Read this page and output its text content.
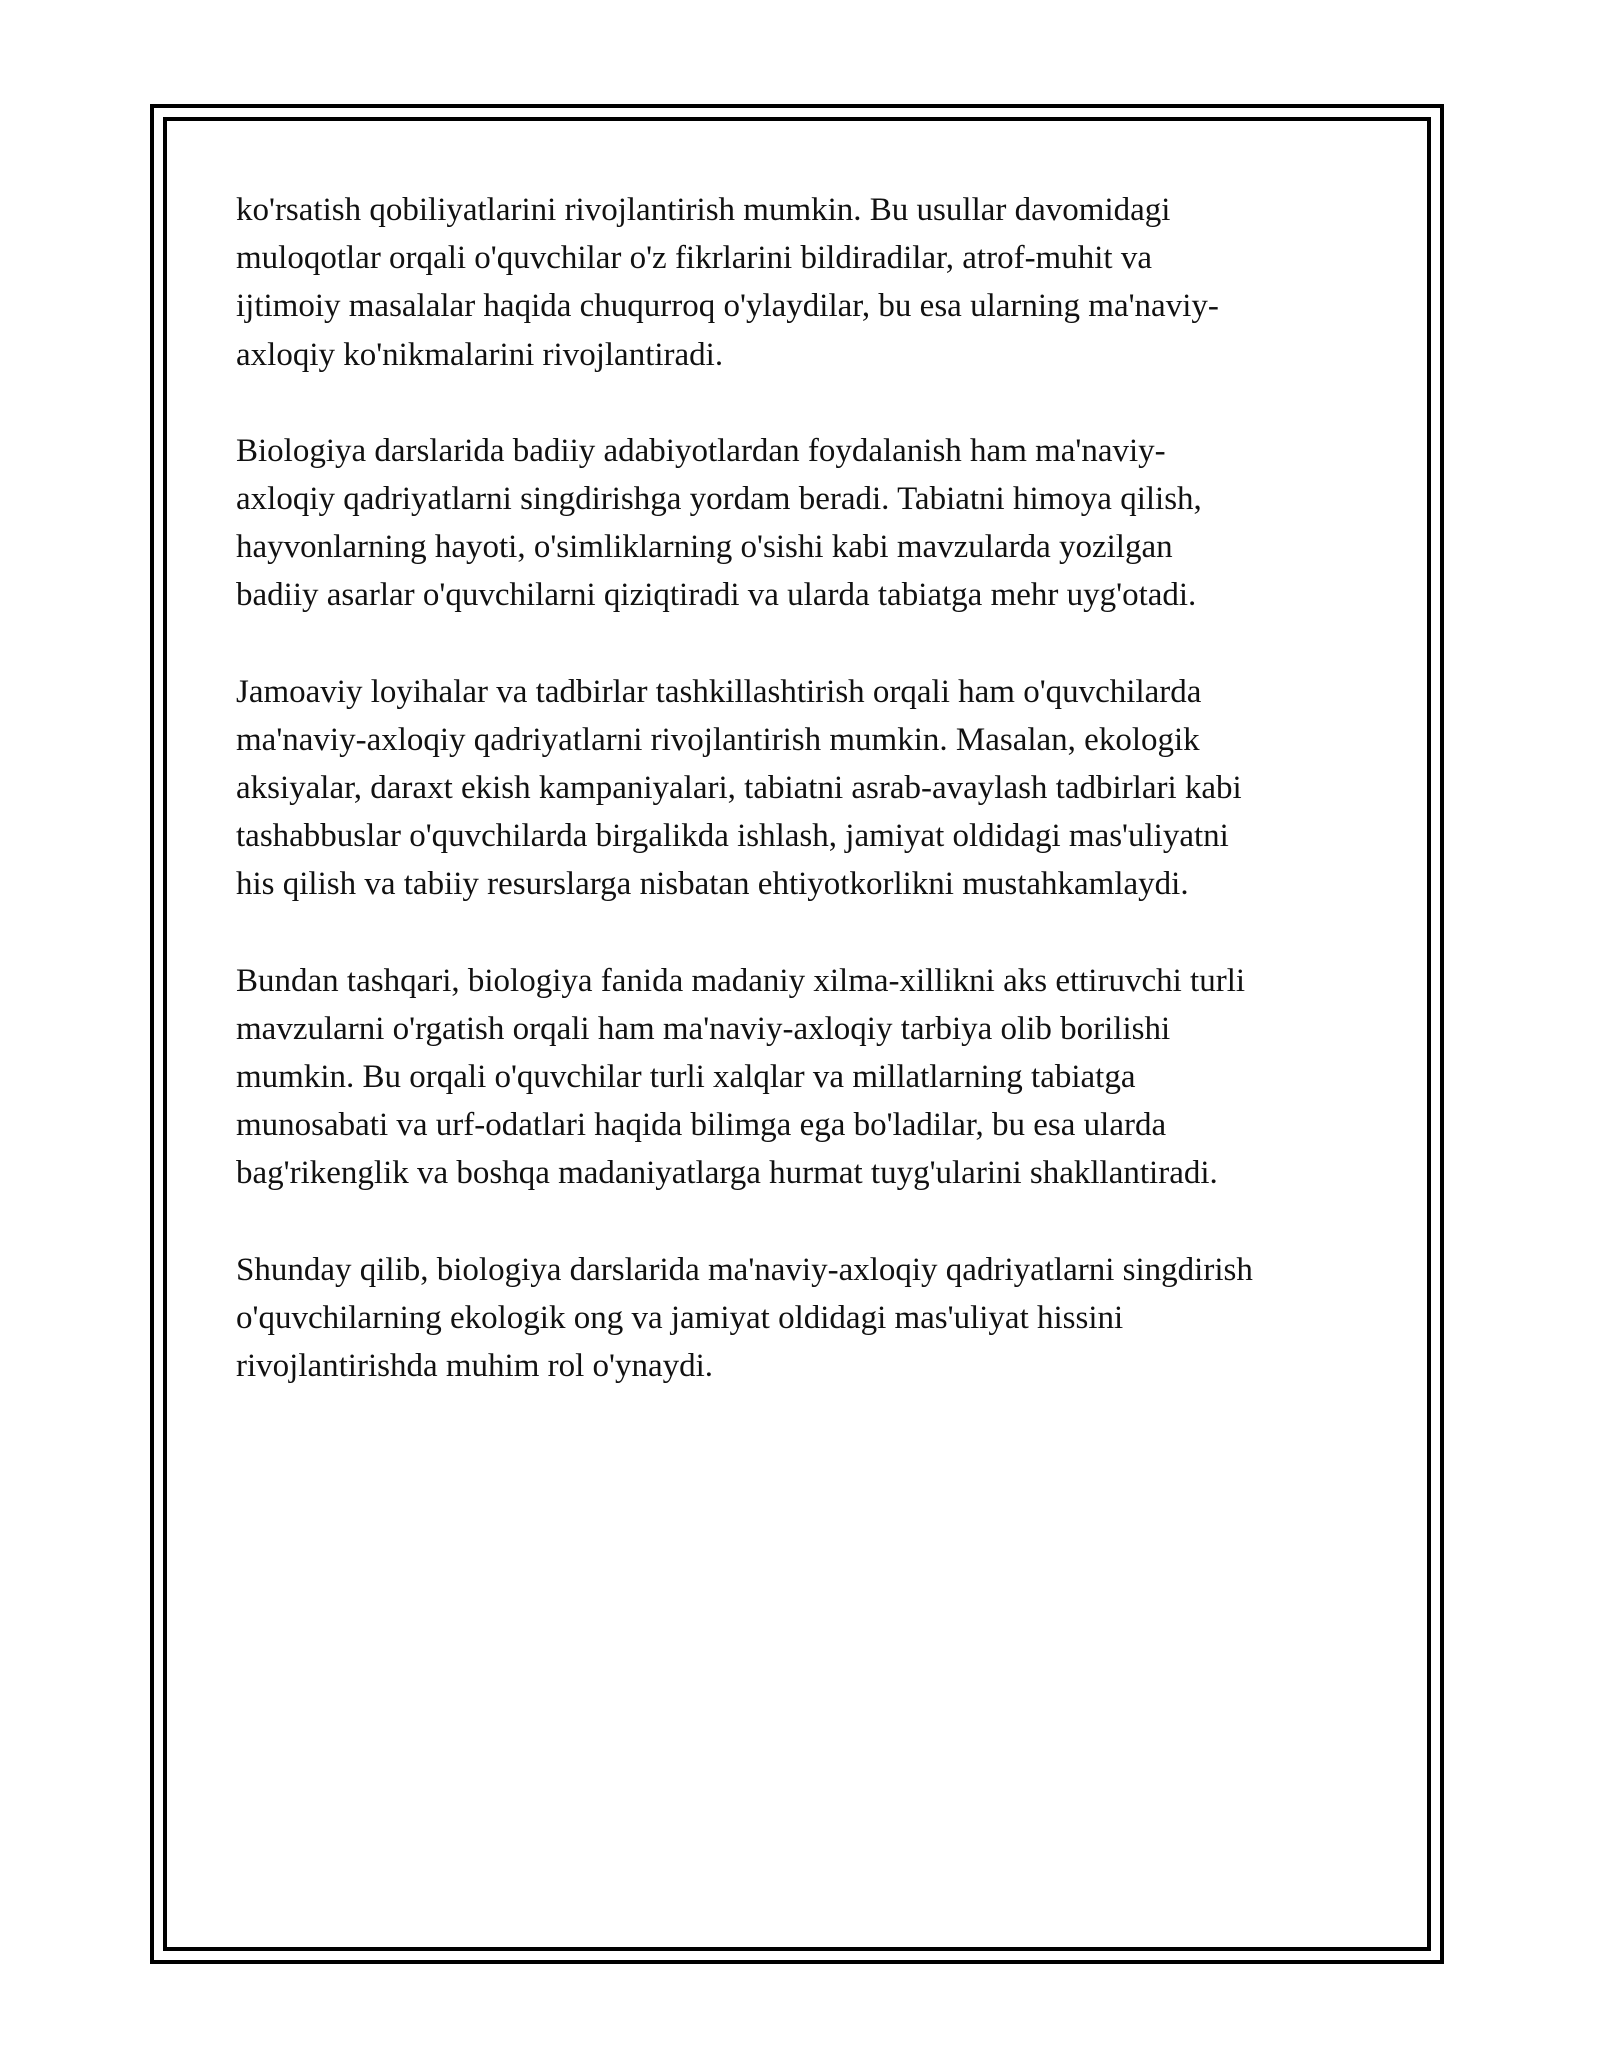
ko'rsatish qobiliyatlarini rivojlantirish mumkin. Bu usullar davomidagi
muloqotlar orqali o'quvchilar o'z fikrlarini bildiradilar, atrof-muhit va
ijtimoiy masalalar haqida chuqurroq o'ylaydilar, bu esa ularning ma'naviy-
axloqiy ko'nikmalarini rivojlantiradi.

Biologiya darslarida badiiy adabiyotlardan foydalanish ham ma'naviy-
axloqiy qadriyatlarni singdirishga yordam beradi. Tabiatni himoya qilish,
hayvonlarning hayoti, o'simliklarning o'sishi kabi mavzularda yozilgan
badiiy asarlar o'quvchilarni qiziqtiradi va ularda tabiatga mehr uyg'otadi.

Jamoaviy loyihalar va tadbirlar tashkillashtirish orqali ham o'quvchilarda
ma'naviy-axloqiy qadriyatlarni rivojlantirish mumkin. Masalan, ekologik
aksiyalar, daraxt ekish kampaniyalari, tabiatni asrab-avaylash tadbirlari kabi
tashabbuslar o'quvchilarda birgalikda ishlash, jamiyat oldidagi mas'uliyatni
his qilish va tabiiy resurslarga nisbatan ehtiyotkorlikni mustahkamlaydi.

Bundan tashqari, biologiya fanida madaniy xilma-xillikni aks ettiruvchi turli
mavzularni o'rgatish orqali ham ma'naviy-axloqiy tarbiya olib borilishi
mumkin. Bu orqali o'quvchilar turli xalqlar va millatlarning tabiatga
munosabati va urf-odatlari haqida bilimga ega bo'ladilar, bu esa ularda
bag'rikenglik va boshqa madaniyatlarga hurmat tuyg'ularini shakllantiradi.

Shunday qilib, biologiya darslarida ma'naviy-axloqiy qadriyatlarni singdirish
o'quvchilarning ekologik ong va jamiyat oldidagi mas'uliyat hissini
rivojlantirishda muhim rol o'ynaydi.
